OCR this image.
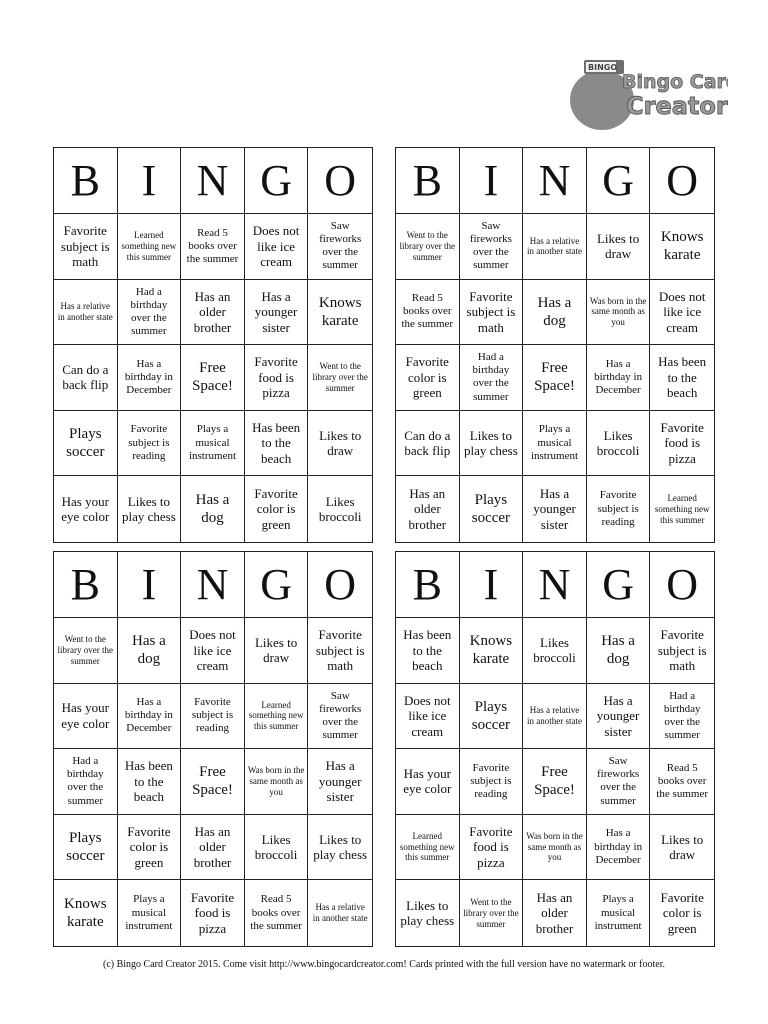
BINGO
Bingo Card
Creator
B I N G O
Favorite subject is math
Learned something new this summer
Read 5 books over the summer
Does not like ice cream
Saw fireworks over the summer
Has a relative in another state
Had a birthday over the summer
Has an older brother
Has a younger sister
Knows karate
Can do a back flip
Has a birthday in December
Free Space!
Favorite food is pizza
Went to the library over the summer
Plays soccer
Favorite subject is reading
Plays a musical instrument
Has been to the beach
Likes to draw
Has your eye color
Likes to play chess
Has a dog
Favorite color is green
Likes broccoli
B I N G O
Went to the library over the summer
Saw fireworks over the summer
Has a relative in another state
Likes to draw
Knows karate
Read 5 books over the summer
Favorite subject is math
Has a dog
Was born in the same month as you
Does not like ice cream
Favorite color is green
Had a birthday over the summer
Free Space!
Has a birthday in December
Has been to the beach
Can do a back flip
Likes to play chess
Plays a musical instrument
Likes broccoli
Favorite food is pizza
Has an older brother
Plays soccer
Has a younger sister
Favorite subject is reading
Learned something new this summer
B I N G O
Went to the library over the summer
Has a dog
Does not like ice cream
Likes to draw
Favorite subject is math
Has your eye color
Has a birthday in December
Favorite subject is reading
Learned something new this summer
Saw fireworks over the summer
Had a birthday over the summer
Has been to the beach
Free Space!
Was born in the same month as you
Has a younger sister
Plays soccer
Favorite color is green
Has an older brother
Likes broccoli
Likes to play chess
Knows karate
Plays a musical instrument
Favorite food is pizza
Read 5 books over the summer
Has a relative in another state
B I N G O
Has been to the beach
Knows karate
Likes broccoli
Has a dog
Favorite subject is math
Does not like ice cream
Plays soccer
Has a relative in another state
Has a younger sister
Had a birthday over the summer
Has your eye color
Favorite subject is reading
Free Space!
Saw fireworks over the summer
Read 5 books over the summer
Learned something new this summer
Favorite food is pizza
Was born in the same month as you
Has a birthday in December
Likes to draw
Likes to play chess
Went to the library over the summer
Has an older brother
Plays a musical instrument
Favorite color is green
(c) Bingo Card Creator 2015. Come visit http://www.bingocardcreator.com! Cards printed with the full version have no watermark or footer.
